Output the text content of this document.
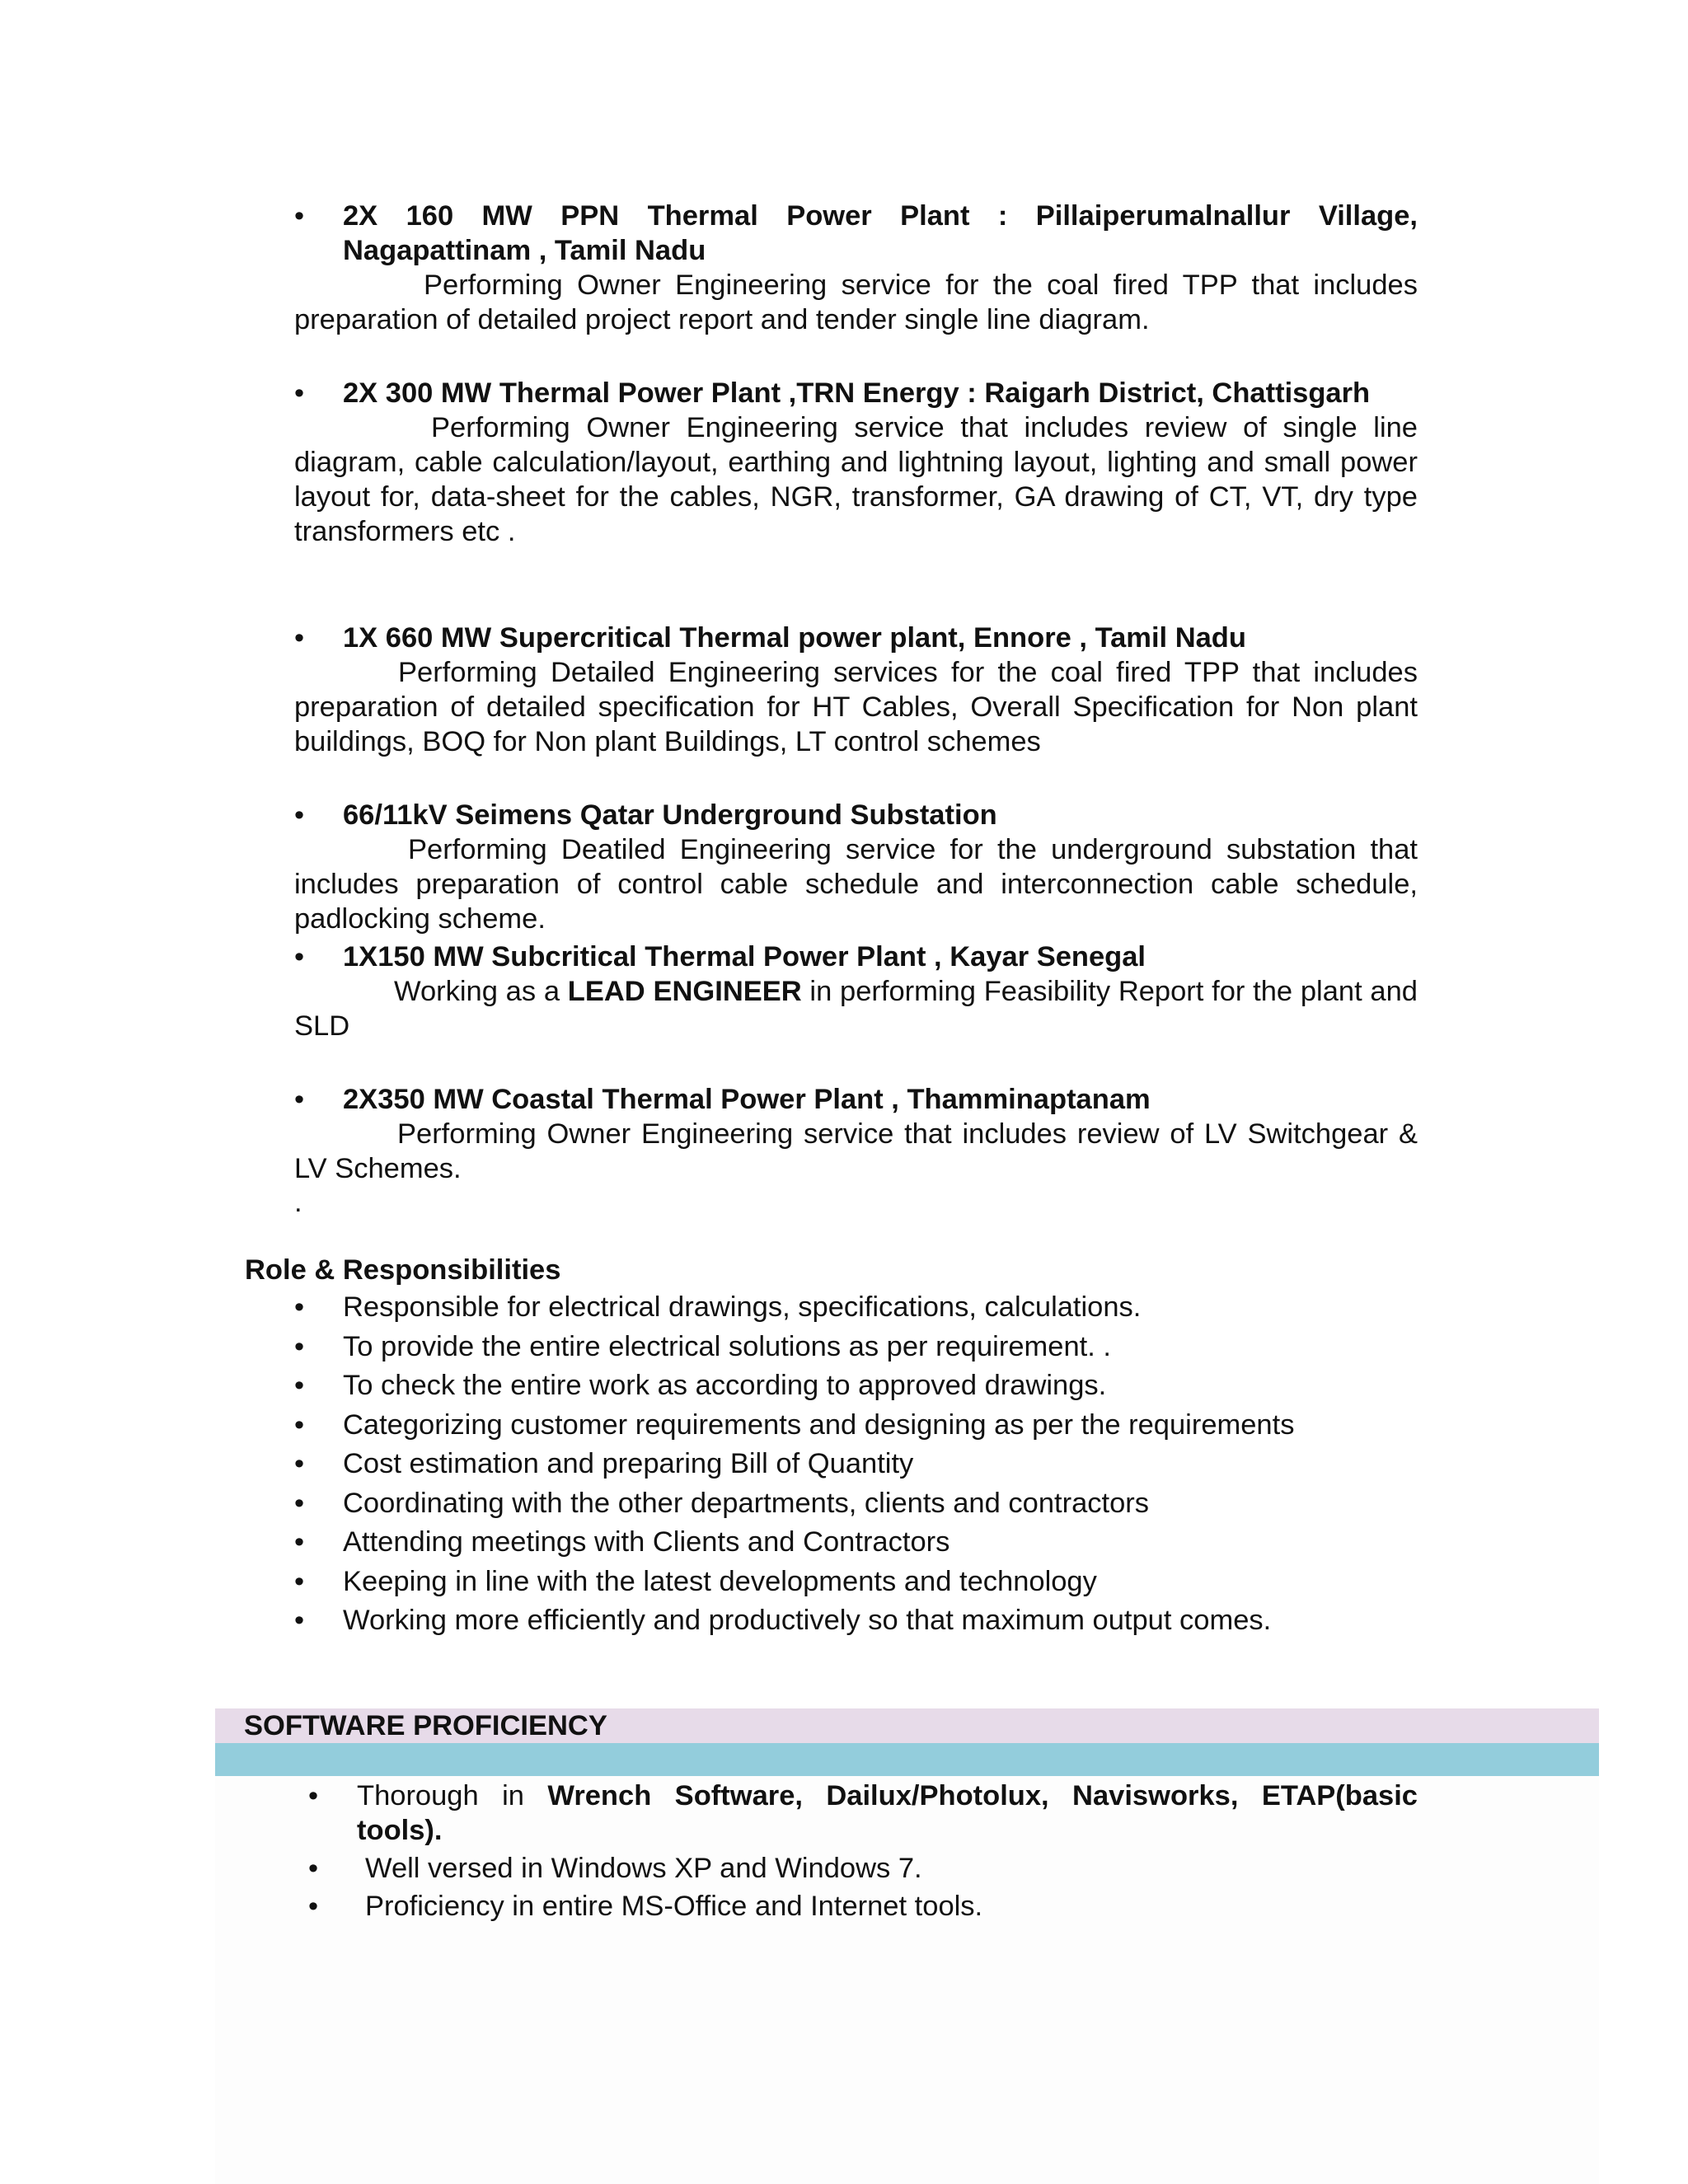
• 2X 160 MW PPN Thermal Power Plant : Pillaiperumalnallur Village, Nagapattinam , Tamil Nadu
Performing Owner Engineering service for the coal fired TPP that includes preparation of detailed project report and tender single line diagram.
• 2X 300 MW Thermal Power Plant ,TRN Energy : Raigarh District, Chattisgarh
Performing Owner Engineering service that includes review of single line diagram, cable calculation/layout, earthing and lightning layout, lighting and small power layout for, data-sheet for the cables, NGR, transformer, GA drawing of CT, VT, dry type transformers etc .
• 1X 660 MW Supercritical Thermal power plant, Ennore , Tamil Nadu
Performing Detailed Engineering services for the coal fired TPP that includes preparation of detailed specification for HT Cables, Overall Specification for Non plant buildings, BOQ for Non plant Buildings, LT control schemes
• 66/11kV Seimens Qatar Underground Substation
Performing Deatiled Engineering service for the underground substation that includes preparation of control cable schedule and interconnection cable schedule, padlocking scheme.
• 1X150 MW Subcritical Thermal Power Plant , Kayar Senegal
Working as a LEAD ENGINEER in performing Feasibility Report for the plant and SLD
• 2X350 MW Coastal Thermal Power Plant , Thamminaptanam
Performing Owner Engineering service that includes review of LV Switchgear & LV Schemes.
.
Role & Responsibilities
• Responsible for electrical drawings, specifications, calculations.
• To provide the entire electrical solutions as per requirement. .
• To check the entire work as according to approved drawings.
• Categorizing customer requirements and designing as per the requirements
• Cost estimation and preparing Bill of Quantity
• Coordinating with the other departments, clients and contractors
• Attending meetings with Clients and Contractors
• Keeping in line with the latest developments and technology
• Working more efficiently and productively so that maximum output comes.
SOFTWARE PROFICIENCY
• Thorough in Wrench Software, Dailux/Photolux, Navisworks, ETAP(basic tools).
• Well versed in Windows XP and Windows 7.
• Proficiency in entire MS-Office and Internet tools.
